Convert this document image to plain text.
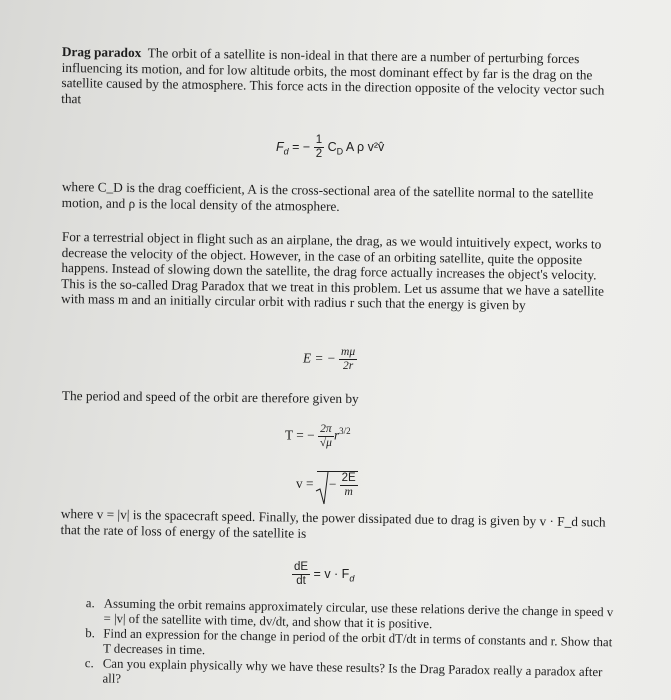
Drag paradox The orbit of a satellite is non-ideal in that there are a number of perturbing forces influencing its motion, and for low altitude orbits, the most dominant effect by far is the drag on the satellite caused by the atmosphere. This force acts in the direction opposite of the velocity vector such that

$F_d$ = − $\frac{1}{2} C_D$ A ρ v²v̂

where C_D is the drag coefficient, A is the cross-sectional area of the satellite normal to the satellite motion, and ρ is the local density of the atmosphere.

For a terrestrial object in flight such as an airplane, the drag, as we would intuitively expect, works to decrease the velocity of the object. However, in the case of an orbiting satellite, quite the opposite happens. Instead of slowing down the satellite, the drag force actually increases the object's velocity. This is the so-called Drag Paradox that we treat in this problem. Let us assume that we have a satellite with mass m and an initially circular orbit with radius r such that the energy is given by

E = − $\frac{m\mu}{2r}$

The period and speed of the orbit are therefore given by

T = − $\frac{2\pi}{√\mu} r^{3/2}$
v =
− $\frac{2E}{m}$

where v = |v| is the spacecraft speed. Finally, the power dissipated due to drag is given by v · F_d such that the rate of loss of energy of the satellite is

$\frac{dE}{dt} = v \cdot F_d$
a. Assuming the orbit remains approximately circular, use these relations derive the change in speed v = |v| of the satellite with time, dv/dt, and show that it is positive.
b. Find an expression for the change in period of the orbit dT/dt in terms of constants and r. Show that T decreases in time.
c. Can you explain physically why we have these results? Is the Drag Paradox really a paradox after all?
